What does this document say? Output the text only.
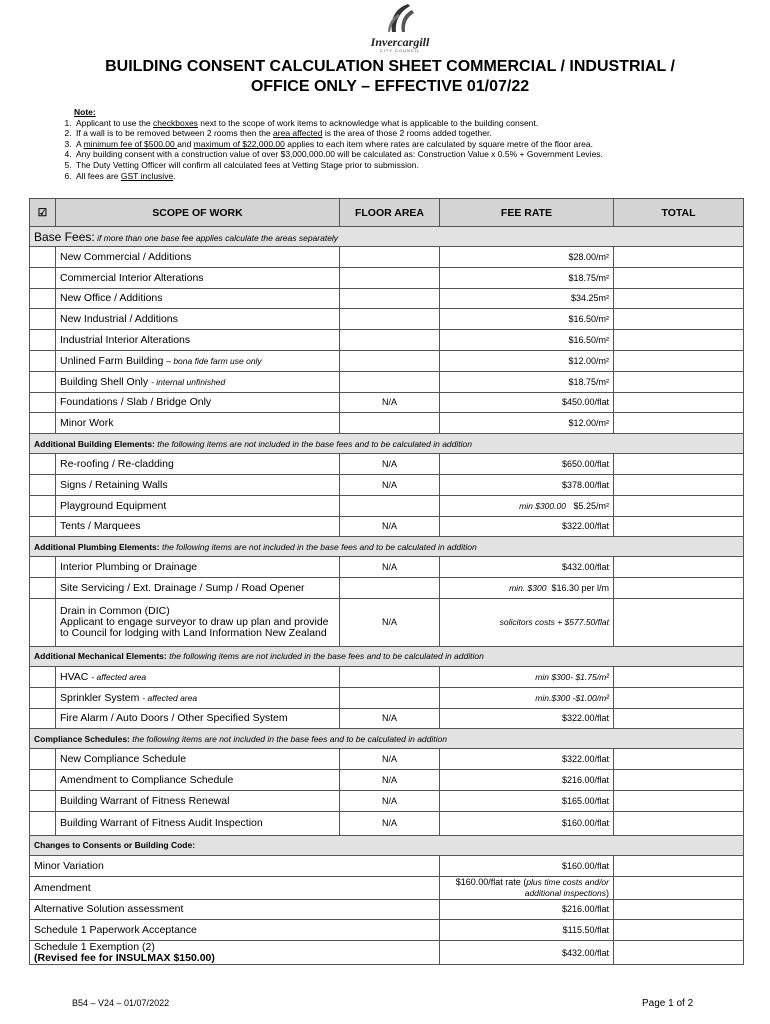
Invercargill
CITY COUNCIL
BUILDING CONSENT CALCULATION SHEET COMMERCIAL / INDUSTRIAL /
OFFICE ONLY – EFFECTIVE 01/07/22
Note:
1. Applicant to use the checkboxes next to the scope of work items to acknowledge what is applicable to the building consent.
2. If a wall is to be removed between 2 rooms then the area affected is the area of those 2 rooms added together.
3. A minimum fee of $500.00 and maximum of $22,000.00 applies to each item where rates are calculated by square metre of the floor area.
4. Any building consent with a construction value of over $3,000,000.00 will be calculated as: Construction Value x 0.5% + Government Levies.
5. The Duty Vetting Officer will confirm all calculated fees at Vetting Stage prior to submission.
6. All fees are GST inclusive.
☑	SCOPE OF WORK	FLOOR AREA	FEE RATE	TOTAL
Base Fees: if more than one base fee applies calculate the areas separately				
	New Commercial / Additions		$28.00/m²	
	Commercial Interior Alterations		$18.75/m²	
	New Office / Additions		$34.25m²	
	New Industrial / Additions		$16.50/m²	
	Industrial Interior Alterations		$16.50/m²	
	Unlined Farm Building – bona fide farm use only		$12.00/m²	
	Building Shell Only - internal unfinished		$18.75/m²	
	Foundations / Slab / Bridge Only	N/A	$450.00/flat	
	Minor Work		$12.00/m²	
Additional Building Elements: the following items are not included in the base fees and to be calculated in addition				
	Re-roofing / Re-cladding	N/A	$650.00/flat	
	Signs / Retaining Walls	N/A	$378.00/flat	
	Playground Equipment		min $300.00 $5.25/m²	
	Tents / Marquees	N/A	$322.00/flat	
Additional Plumbing Elements: the following items are not included in the base fees and to be calculated in addition				
	Interior Plumbing or Drainage	N/A	$432.00/flat	
	Site Servicing / Ext. Drainage / Sump / Road Opener		min. $300 $16.30 per l/m	

	Drain in Common (DIC)
Applicant to engage surveyor to draw up plan and provide to Council for lodging with Land Information New Zealand	N/A	solicitors costs + $577.50/flat	
Additional Mechanical Elements: the following items are not included in the base fees and to be calculated in addition				
	HVAC - affected area		min $300- $1.75/m²	
	Sprinkler System - affected area		min.$300 -$1.00/m²	
	Fire Alarm / Auto Doors / Other Specified System	N/A	$322.00/flat	
Compliance Schedules: the following items are not included in the base fees and to be calculated in addition				
	New Compliance Schedule	N/A	$322.00/flat	
	Amendment to Compliance Schedule	N/A	$216.00/flat	
	Building Warrant of Fitness Renewal	N/A	$165.00/flat	
	Building Warrant of Fitness Audit Inspection	N/A	$160.00/flat	
Changes to Consents or Building Code:				
Minor Variation			$160.00/flat	
Amendment			$160.00/flat rate (plus time costs and/or additional inspections)	
Alternative Solution assessment			$216.00/flat	
Schedule 1 Paperwork Acceptance			$115.50/flat	

Schedule 1 Exemption (2)
(Revised fee for INSULMAX $150.00)			$432.00/flat	
B54 – V24 – 01/07/2022	Page 1 of 2
